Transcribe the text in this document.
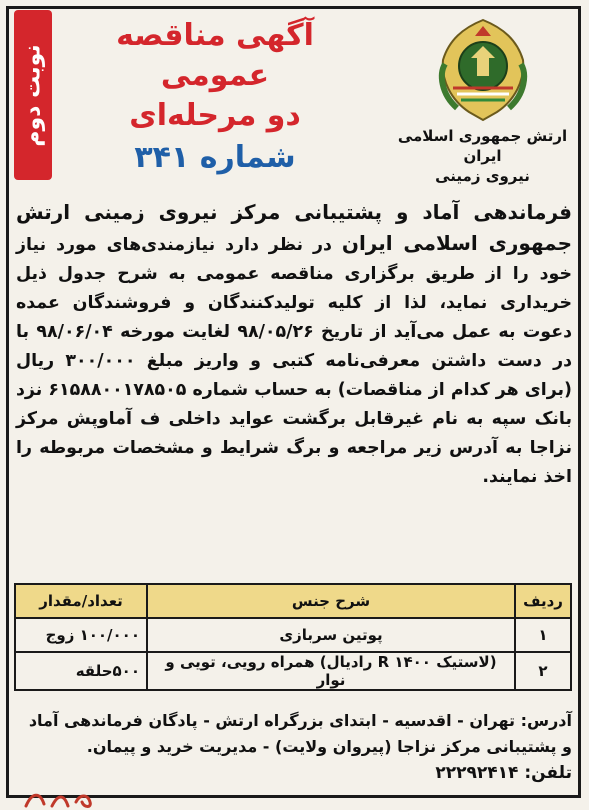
نوبت دوم
آگهی مناقصه عمومی
دو مرحله‌ای
شماره ۳۴۱
ارتش جمهوری اسلامی ایران
نیروی زمینی
فرماندهی آماد و پشتیبانی مرکز نیروی زمینی ارتش جمهوری اسلامی ایران در نظر دارد نیازمندی‌های مورد نیاز خود را از طریق برگزاری مناقصه عمومی به شرح جدول ذیل خریداری نماید، لذا از کلیه تولیدکنندگان و فروشندگان عمده دعوت به عمل می‌آید از تاریخ ۹۸/۰۵/۲۶ لغایت مورخه ۹۸/۰۶/۰۴ با در دست داشتن معرفی‌نامه کتبی و واریز مبلغ ۳۰۰/۰۰۰ ریال (برای هر کدام از مناقصات) به حساب شماره ۶۱۵۸۸۰۰۱۷۸۵۰۵ نزد بانک سپه به نام غیرقابل برگشت عواید داخلی ف آماوپش مرکز نزاجا به آدرس زیر مراجعه و برگ شرایط و مشخصات مربوطه را اخذ نمایند.
ردیف	شرح جنس	تعداد/مقدار
۱	پوتین سربازی	۱۰۰/۰۰۰ زوج
۲	(لاستیک R ۱۴۰۰ رادیال) همراه رویی، تویی و نوار	۵۰۰حلقه
آدرس: تهران - اقدسیه - ابتدای بزرگراه ارتش - پادگان فرماندهی آماد و پشتیبانی مرکز نزاجا (پیروان ولایت) - مدیریت خرید و پیمان.
تلفن: ۲۲۲۹۲۴۱۴
